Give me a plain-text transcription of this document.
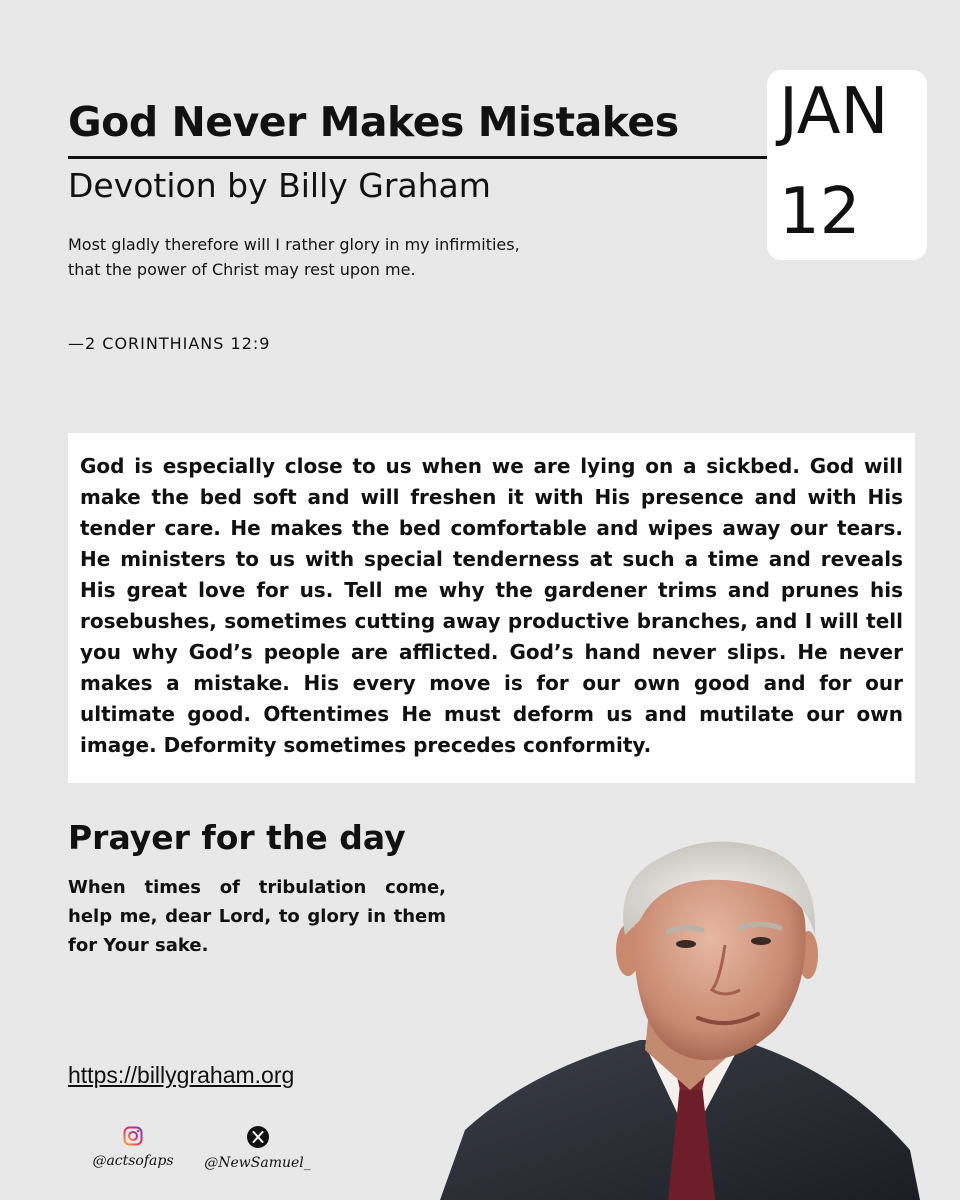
God Never Makes Mistakes
Devotion by Billy Graham
JAN
12

Most gladly therefore will I rather glory in my infirmities, that the power of Christ may rest upon me.

—2 CORINTHIANS 12:9

God is especially close to us when we are lying on a sickbed. God will make the bed soft and will freshen it with His presence and with His tender care. He makes the bed comfortable and wipes away our tears. He ministers to us with special tenderness at such a time and reveals His great love for us. Tell me why the gardener trims and prunes his rosebushes, sometimes cutting away productive branches, and I will tell you why God’s people are afflicted. God’s hand never slips. He never makes a mistake. His every move is for our own good and for our ultimate good. Oftentimes He must deform us and mutilate our own image. Deformity sometimes precedes conformity.

Prayer for the day

When times of tribulation come, help me, dear Lord, to glory in them for Your sake.

https://billygraham.org
@actsofaps	@NewSamuel_
